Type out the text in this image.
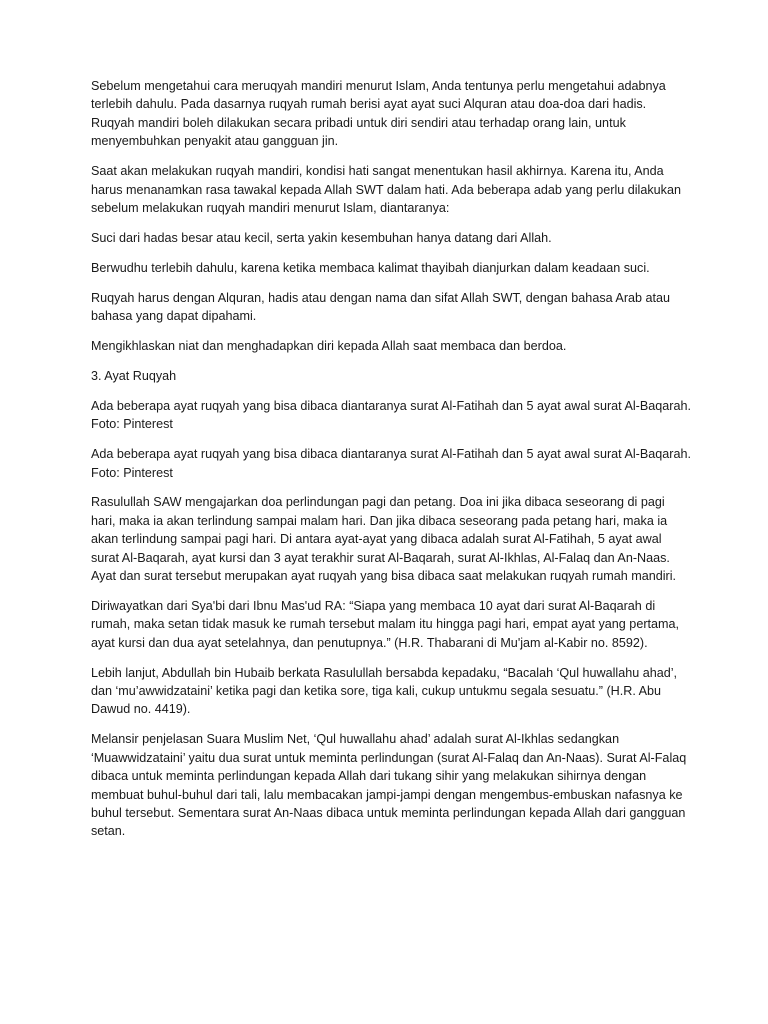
Sebelum mengetahui cara meruqyah mandiri menurut Islam, Anda tentunya perlu mengetahui adabnya terlebih dahulu. Pada dasarnya ruqyah rumah berisi ayat ayat suci Alquran atau doa-doa dari hadis. Ruqyah mandiri boleh dilakukan secara pribadi untuk diri sendiri atau terhadap orang lain, untuk menyembuhkan penyakit atau gangguan jin.

Saat akan melakukan ruqyah mandiri, kondisi hati sangat menentukan hasil akhirnya. Karena itu, Anda harus menanamkan rasa tawakal kepada Allah SWT dalam hati. Ada beberapa adab yang perlu dilakukan sebelum melakukan ruqyah mandiri menurut Islam, diantaranya:

Suci dari hadas besar atau kecil, serta yakin kesembuhan hanya datang dari Allah.

Berwudhu terlebih dahulu, karena ketika membaca kalimat thayibah dianjurkan dalam keadaan suci.

Ruqyah harus dengan Alquran, hadis atau dengan nama dan sifat Allah SWT, dengan bahasa Arab atau bahasa yang dapat dipahami.

Mengikhlaskan niat dan menghadapkan diri kepada Allah saat membaca dan berdoa.

3. Ayat Ruqyah

Ada beberapa ayat ruqyah yang bisa dibaca diantaranya surat Al-Fatihah dan 5 ayat awal surat Al-Baqarah. Foto: Pinterest

Ada beberapa ayat ruqyah yang bisa dibaca diantaranya surat Al-Fatihah dan 5 ayat awal surat Al-Baqarah. Foto: Pinterest

Rasulullah SAW mengajarkan doa perlindungan pagi dan petang. Doa ini jika dibaca seseorang di pagi hari, maka ia akan terlindung sampai malam hari. Dan jika dibaca seseorang pada petang hari, maka ia akan terlindung sampai pagi hari. Di antara ayat-ayat yang dibaca adalah surat Al-Fatihah, 5 ayat awal surat Al-Baqarah, ayat kursi dan 3 ayat terakhir surat Al-Baqarah, surat Al-Ikhlas, Al-Falaq dan An-Naas. Ayat dan surat tersebut merupakan ayat ruqyah yang bisa dibaca saat melakukan ruqyah rumah mandiri.

Diriwayatkan dari Sya'bi dari Ibnu Mas'ud RA: “Siapa yang membaca 10 ayat dari surat Al-Baqarah di rumah, maka setan tidak masuk ke rumah tersebut malam itu hingga pagi hari, empat ayat yang pertama, ayat kursi dan dua ayat setelahnya, dan penutupnya.” (H.R. Thabarani di Mu'jam al-Kabir no. 8592).

Lebih lanjut, Abdullah bin Hubaib berkata Rasulullah bersabda kepadaku, “Bacalah ‘Qul huwallahu ahad’, dan ‘mu’awwidzataini’ ketika pagi dan ketika sore, tiga kali, cukup untukmu segala sesuatu.” (H.R. Abu Dawud no. 4419).

Melansir penjelasan Suara Muslim Net, ‘Qul huwallahu ahad’ adalah surat Al-Ikhlas sedangkan ‘Muawwidzataini’ yaitu dua surat untuk meminta perlindungan (surat Al-Falaq dan An-Naas). Surat Al-Falaq dibaca untuk meminta perlindungan kepada Allah dari tukang sihir yang melakukan sihirnya dengan membuat buhul-buhul dari tali, lalu membacakan jampi-jampi dengan mengembus-embuskan nafasnya ke buhul tersebut. Sementara surat An-Naas dibaca untuk meminta perlindungan kepada Allah dari gangguan setan.
